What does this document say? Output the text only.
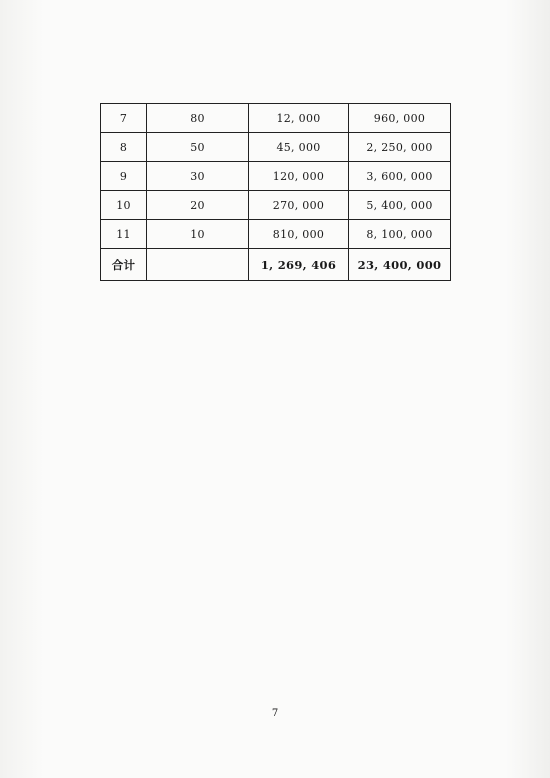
7	80	12, 000	960, 000
8	50	45, 000	2, 250, 000
9	30	120, 000	3, 600, 000
10	20	270, 000	5, 400, 000
11	10	810, 000	8, 100, 000
合计		1, 269, 406	23, 400, 000
7
